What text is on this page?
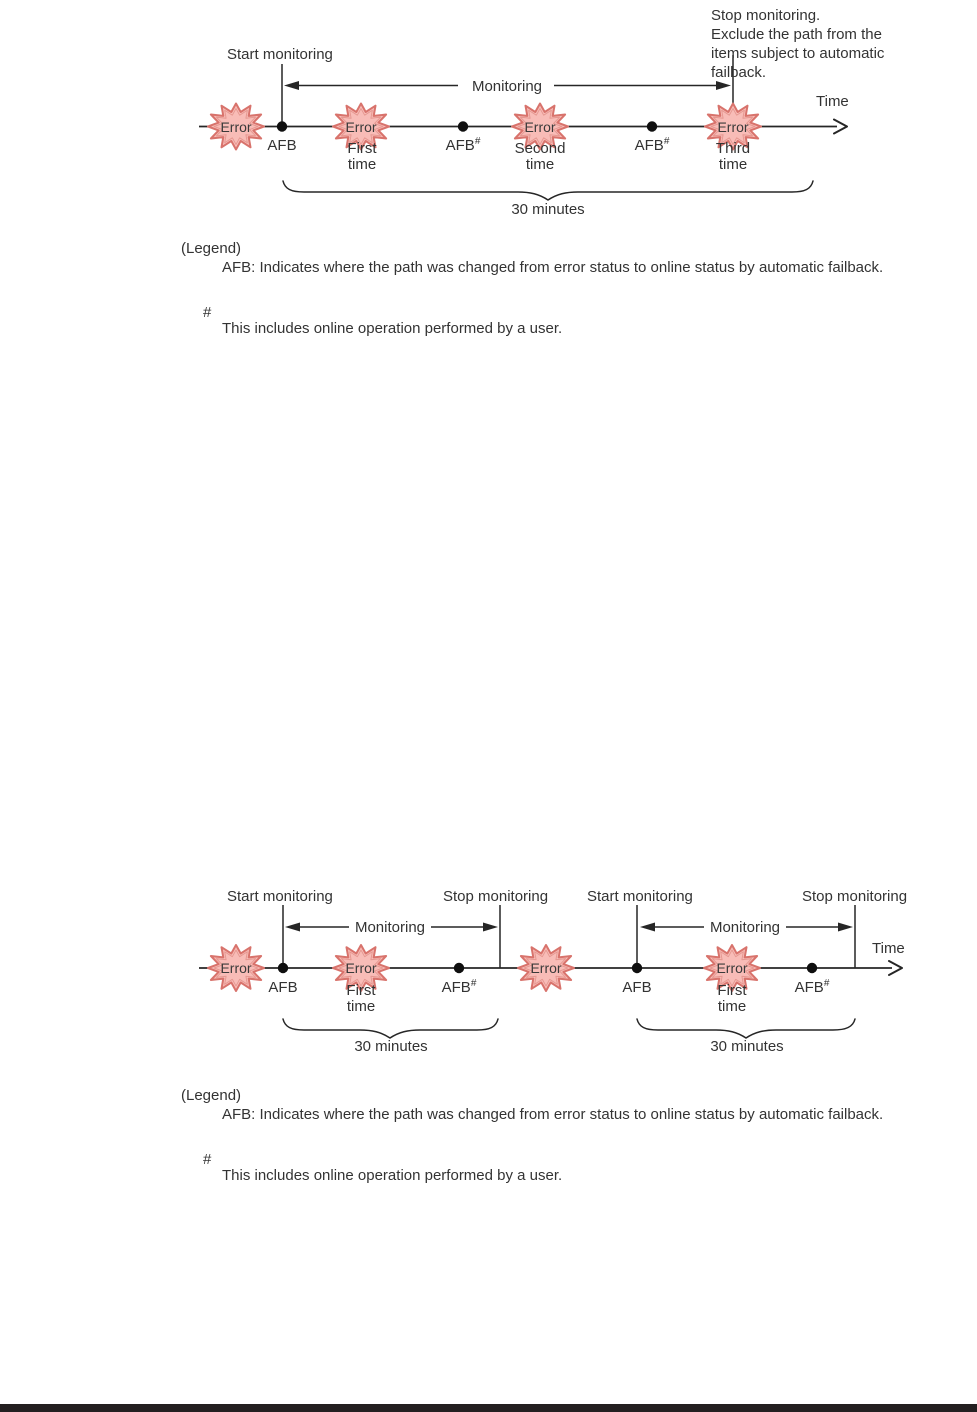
Start monitoring
Stop monitoring.
Exclude the path from the
items subject to automatic
failback.
Monitoring
Time
Error	Error	Error	Error
AFB	First
time
AFB#	Second
time
AFB#	Third
time
30 minutes
(Legend)
AFB: Indicates where the path was changed from error status to online status by automatic failback.
#
This includes online operation performed by a user.
Start monitoring	Stop monitoring	Start monitoring	Stop monitoring
Monitoring	Monitoring
Time
Error	Error	Error	Error
AFB	First
time
AFB#	AFB	First
time
AFB#
30 minutes	30 minutes
(Legend)
AFB: Indicates where the path was changed from error status to online status by automatic failback.
#
This includes online operation performed by a user.
